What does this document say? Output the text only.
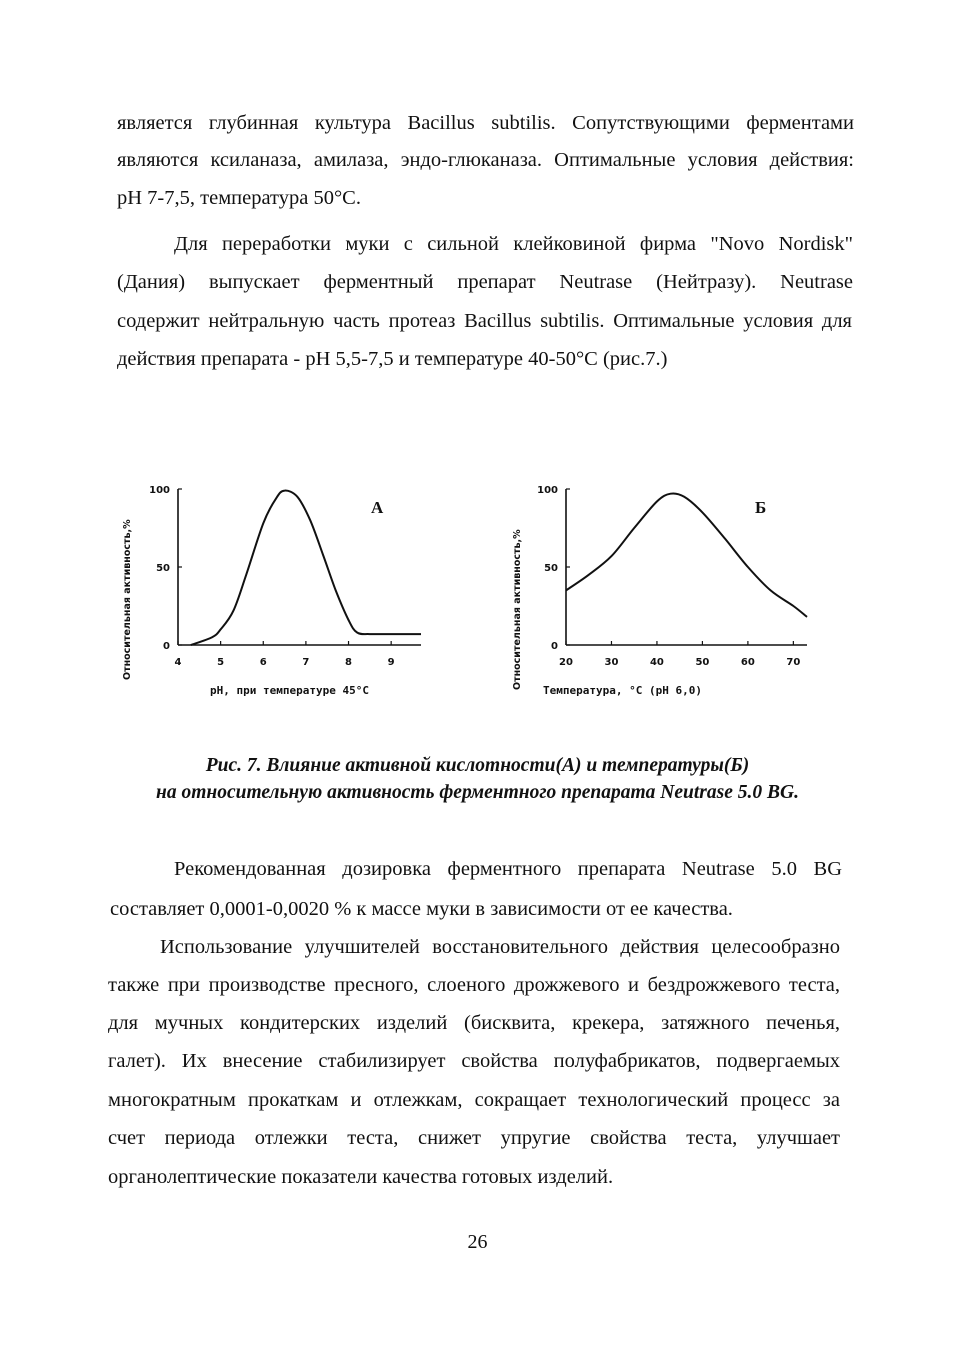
является глубинная культура Bacillus subtilis. Сопутствующими ферментами
являются ксиланаза, амилаза, эндо-глюканаза. Оптимальные условия действия:
pH 7-7,5, температура 50°С.
Для переработки муки с сильной клейковиной фирма "Novo Nordisk"
(Дания) выпускает ферментный препарат Neutrase (Нейтразу). Neutrase
содержит нейтральную часть протеаз Bacillus subtilis. Оптимальные условия для
действия препарата - pH 5,5-7,5 и температуре 40-50°С (рис.7.)
4	5	6	7	8	9
0
50
100
А
pH, при температуре 45°С
Относительная активность,%	20	30	40	50	60	70
0
50
100
Б
Температура, °С (pH 6,0)
Относительная активность,%
Рис. 7. Влияние активной кислотности(А) и температуры(Б)
на относительную активность ферментного препарата Neutrase 5.0 BG.
Рекомендованная дозировка ферментного препарата Neutrase 5.0 BG
составляет 0,0001-0,0020 % к массе муки в зависимости от ее качества.
Использование улучшителей восстановительного действия целесообразно
также при производстве пресного, слоеного дрожжевого и бездрожжевого теста,
для мучных кондитерских изделий (бисквита, крекера, затяжного печенья,
галет). Их внесение стабилизирует свойства полуфабрикатов, подвергаемых
многократным прокаткам и отлежкам, сокращает технологический процесс за
счет периода отлежки теста, снижет упругие свойства теста, улучшает
органолептические показатели качества готовых изделий.
26
